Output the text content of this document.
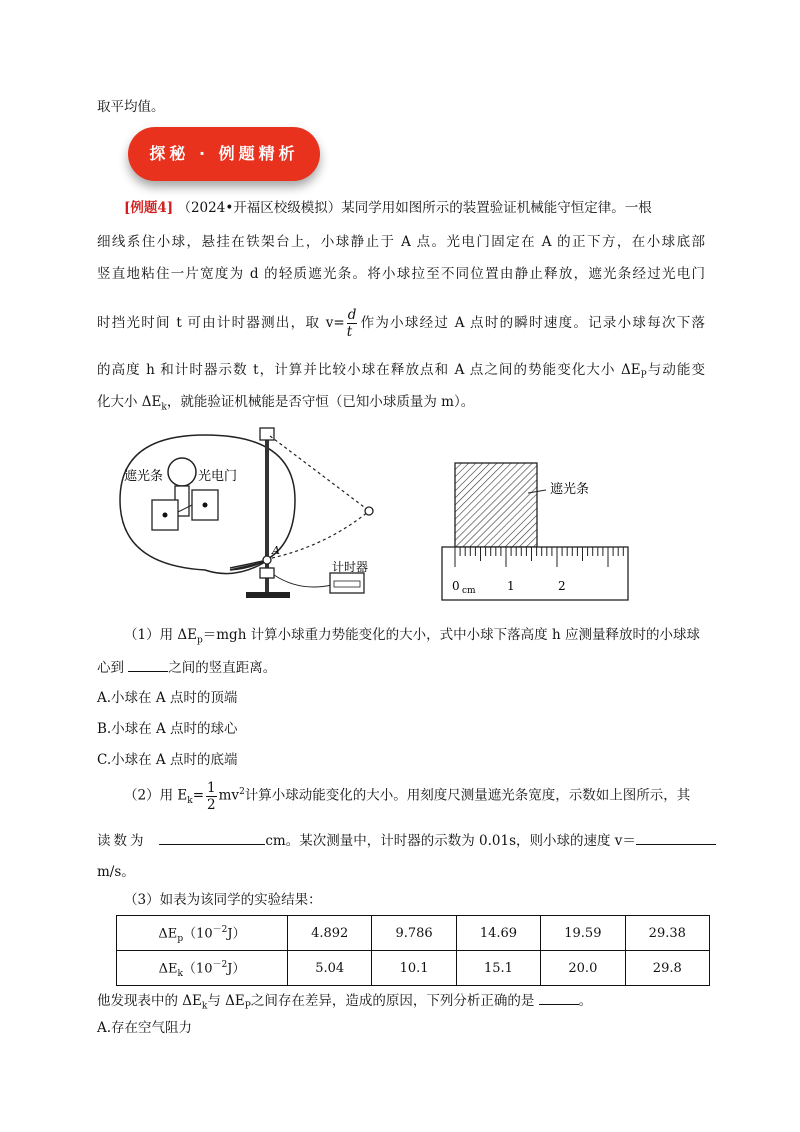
取平均值。
探秘 · 例题精析
[例题4] （2024•开福区校级模拟）某同学用如图所示的装置验证机械能守恒定律。一根
细线系住小球，悬挂在铁架台上，小球静止于 A 点。光电门固定在 A 的正下方，在小球底部
竖直地粘住一片宽度为 d 的轻质遮光条。将小球拉至不同位置由静止释放，遮光条经过光电门
时挡光时间 t 可由计时器测出，取 $v= \frac{d}{t}$ 作为小球经过 A 点时的瞬时速度。记录小球每次下落
的高度 h 和计时器示数 t，计算并比较小球在释放点和 A 点之间的势能变化大小 $\Delta E_P$与动能变
化大小 $\Delta E_k$，就能验证机械能是否守恒（已知小球质量为 m）。
遮光条	光电门
A
计时器
遮光条
0 cm	1	2
（1）用 $\Delta E_p=mgh$ 计算小球重力势能变化的大小，式中小球下落高度 h 应测量释放时的小球球
心到	之间的竖直距离。
A.小球在 A 点时的顶端
B.小球在 A 点时的球心
C.小球在 A 点时的底端
（2）用 $E_k= \frac{1}{2} mv^2$计算小球动能变化的大小。用刻度尺测量遮光条宽度，示数如上图所示，其
读数为	cm。某次测量中，计时器的示数为 0.01s，则小球的速度 v＝
m/s。
（3）如表为该同学的实验结果：
$\Delta E_p(10^{-2}J)$	4.892	9.786	14.69	19.59	29.38
$\Delta E_k(10^{-2}J)$	5.04	10.1	15.1	20.0	29.8
他发现表中的 $\Delta E_k$与 $\Delta E_P$之间存在差异，造成的原因，下列分析正确的是	。
A.存在空气阻力
